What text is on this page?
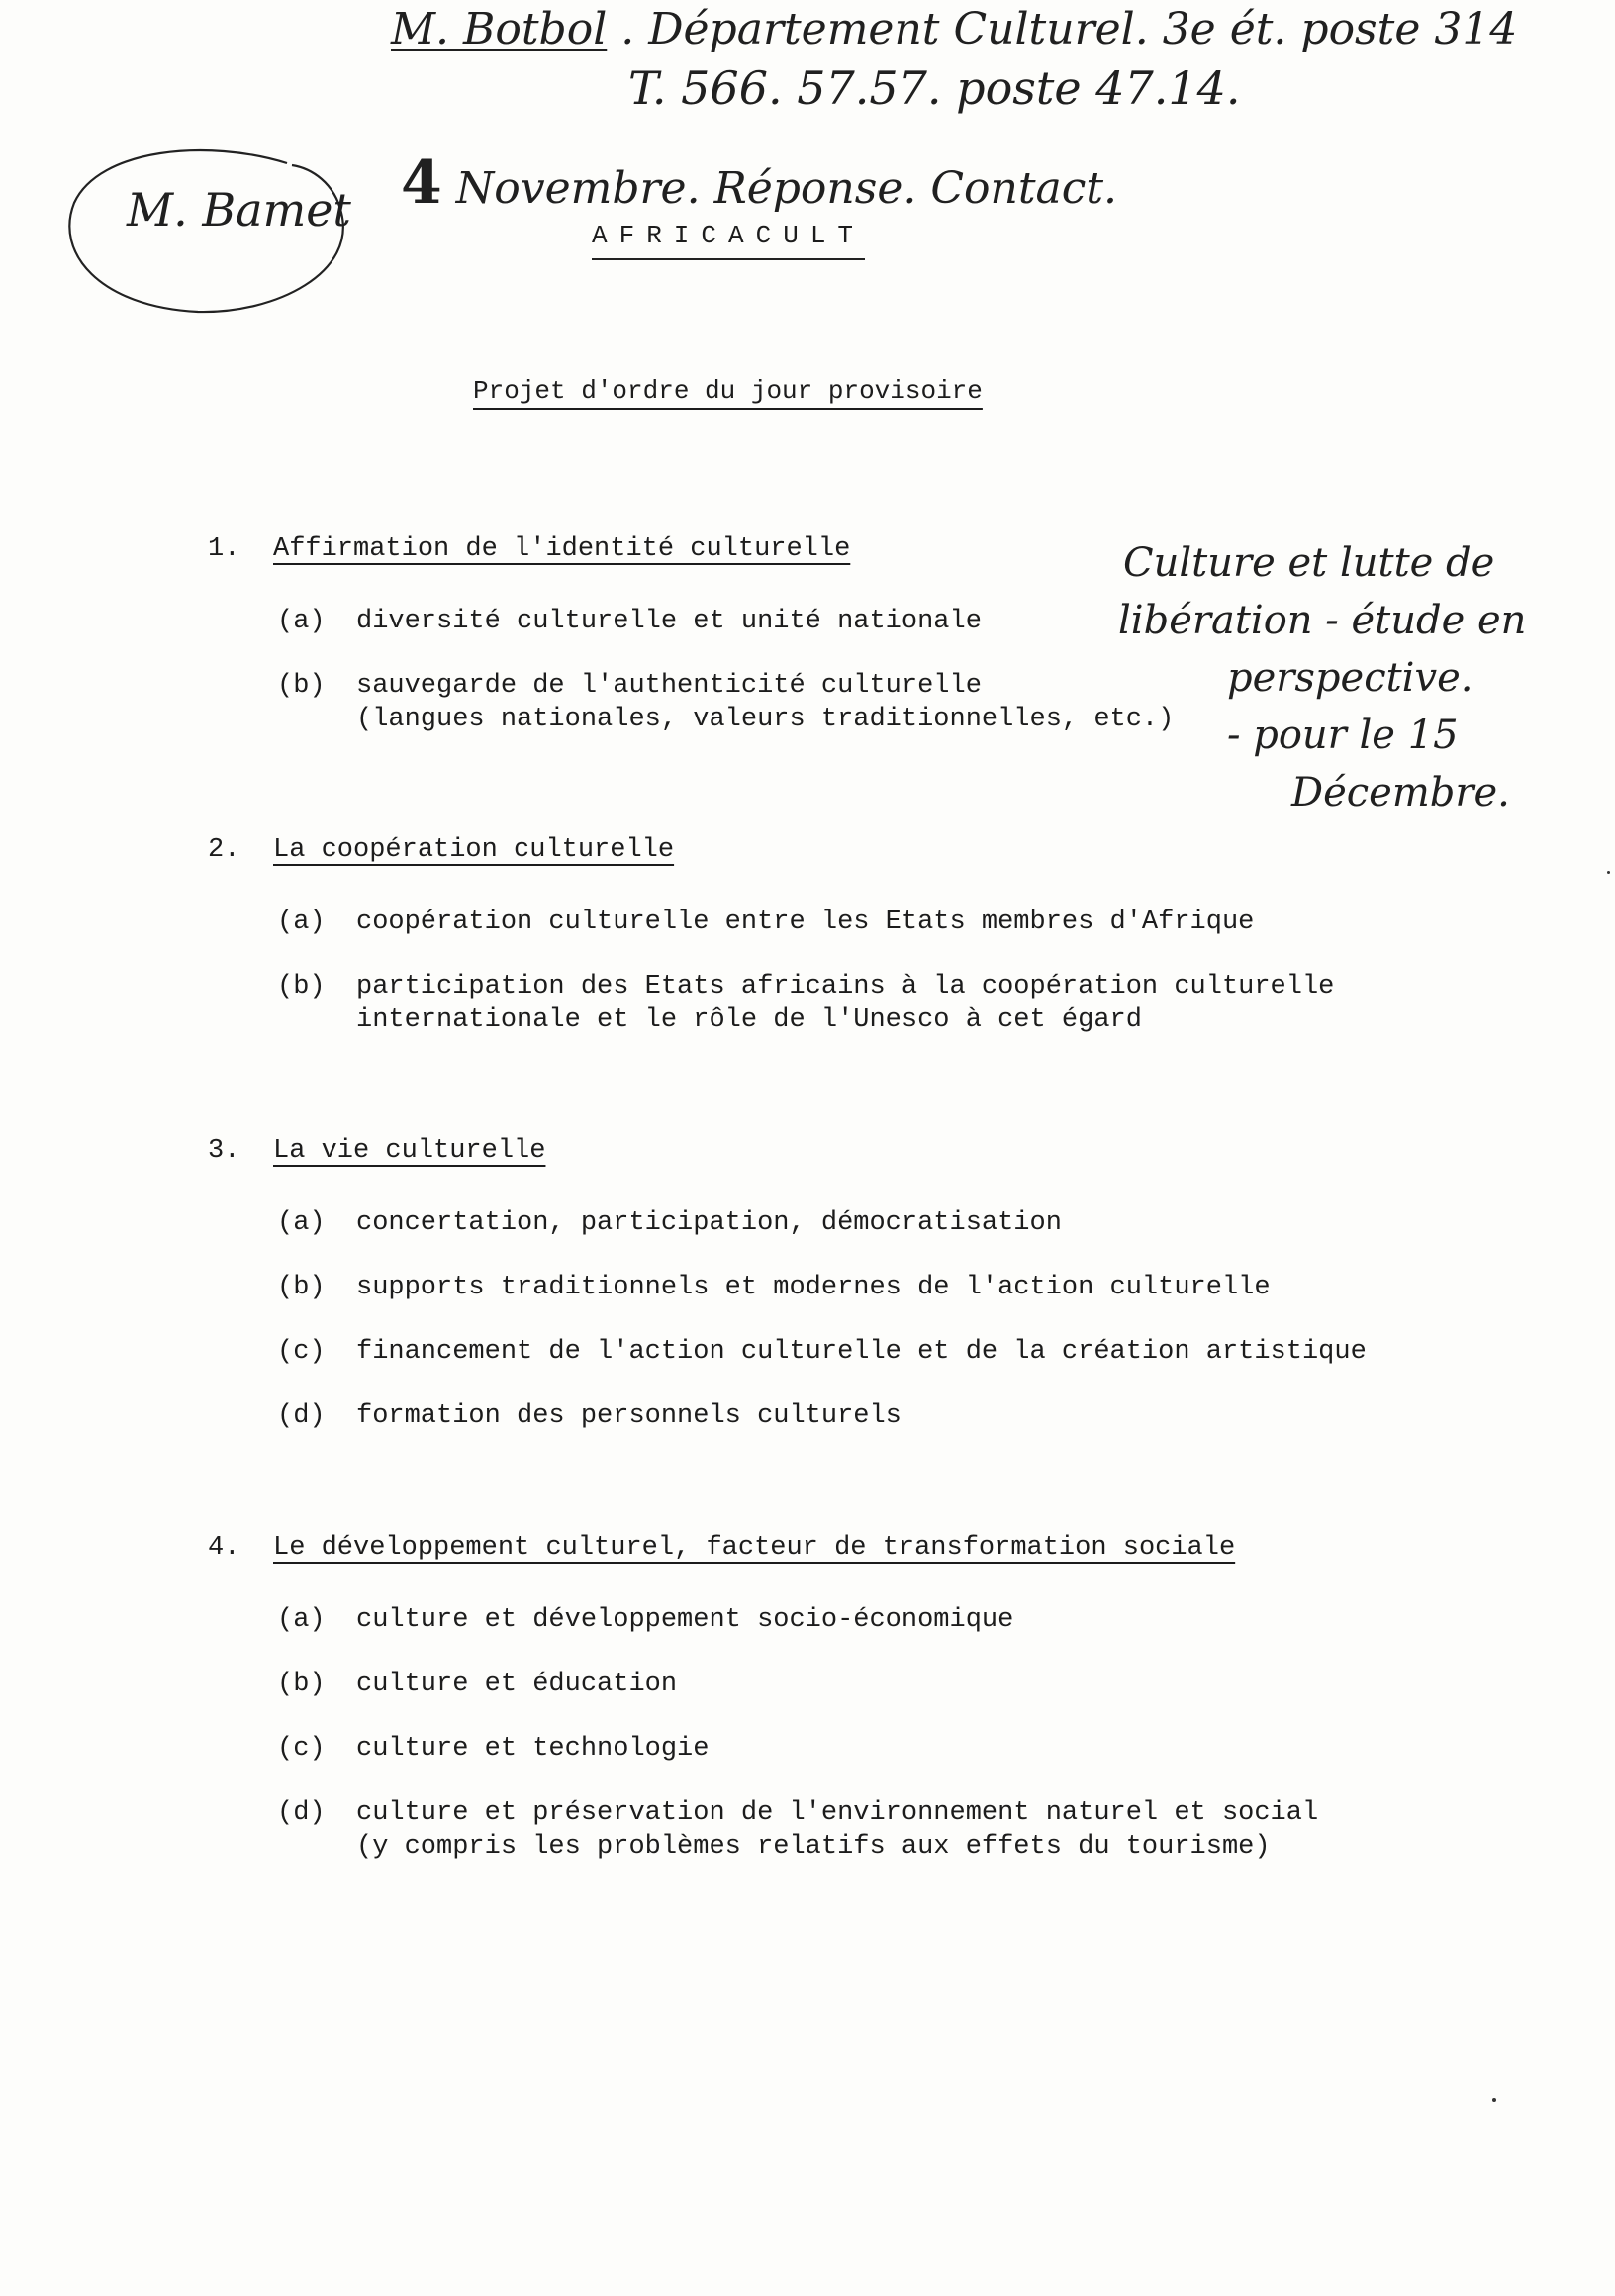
M. Botbol . Département Culturel. 3e ét. poste 314
T. 566. 57.57. poste 47.14.
4 Novembre. Réponse. Contact.
M. Bamet
Culture et lutte de
libération - étude en
perspective.
- pour le 15
Décembre.
AFRICACULT
Projet d'ordre du jour provisoire
1. Affirmation de l'identité culturelle
(a) diversité culturelle et unité nationale
(b) sauvegarde de l'authenticité culturelle
(langues nationales, valeurs traditionnelles, etc.)
2. La coopération culturelle
(a) coopération culturelle entre les Etats membres d'Afrique
(b) participation des Etats africains à la coopération culturelle
internationale et le rôle de l'Unesco à cet égard
3. La vie culturelle
(a) concertation, participation, démocratisation
(b) supports traditionnels et modernes de l'action culturelle
(c) financement de l'action culturelle et de la création artistique
(d) formation des personnels culturels
4. Le développement culturel, facteur de transformation sociale
(a) culture et développement socio-économique
(b) culture et éducation
(c) culture et technologie
(d) culture et préservation de l'environnement naturel et social
(y compris les problèmes relatifs aux effets du tourisme)
